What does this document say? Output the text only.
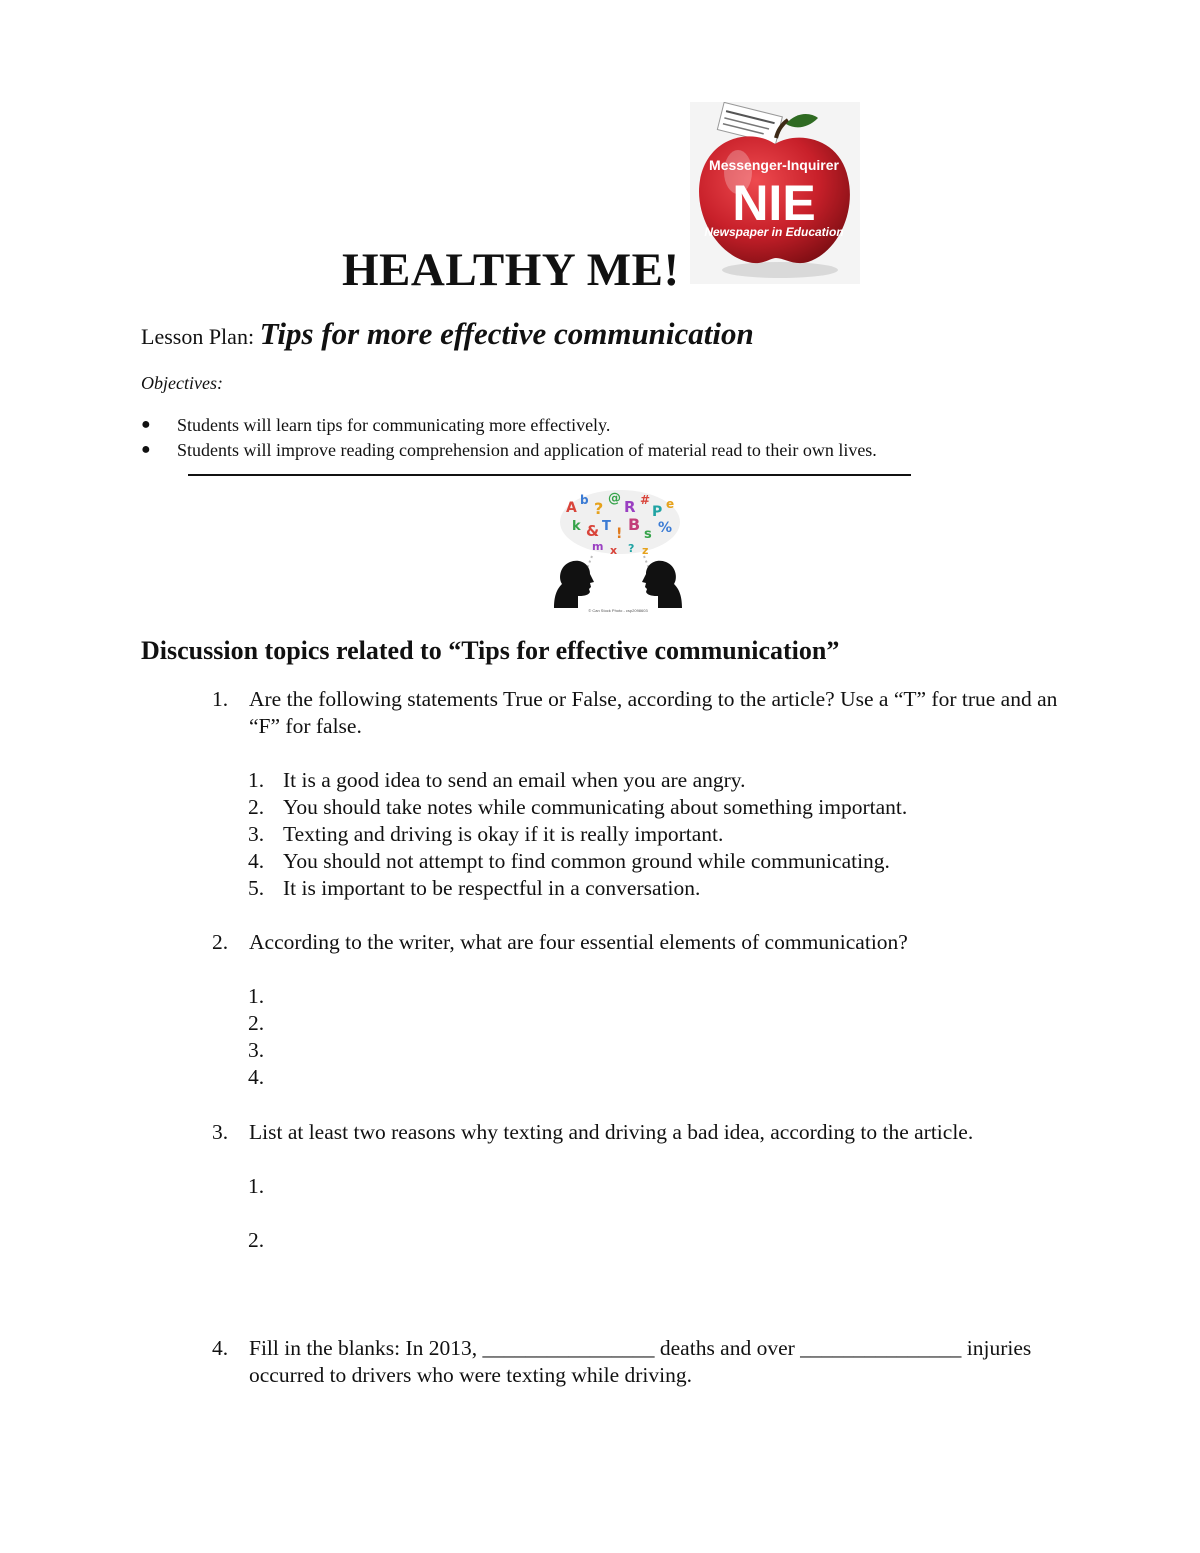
HEALTHY ME!
Messenger-Inquirer
NIE
Newspaper in Education
Lesson Plan: Tips for more effective communication
Objectives:
● Students will learn tips for communicating more effectively.
● Students will improve reading comprehension and application of material read to their own lives.
A b ?
@ R #
P e
k & T ! B
s %
m x ? z
© Can Stock Photo - csp2098603
Discussion topics related to “Tips for effective communication”
1. Are the following statements True or False, according to the article? Use a “T” for true and an “F” for false.
1. It is a good idea to send an email when you are angry.
2. You should take notes while communicating about something important.
3. Texting and driving is okay if it is really important.
4. You should not attempt to find common ground while communicating.
5. It is important to be respectful in a conversation.
2. According to the writer, what are four essential elements of communication?
1.
2.
3.
4.
3. List at least two reasons why texting and driving a bad idea, according to the article.
1.
2.
4. Fill in the blanks: In 2013, ________________ deaths and over _______________ injuries occurred to drivers who were texting while driving.
